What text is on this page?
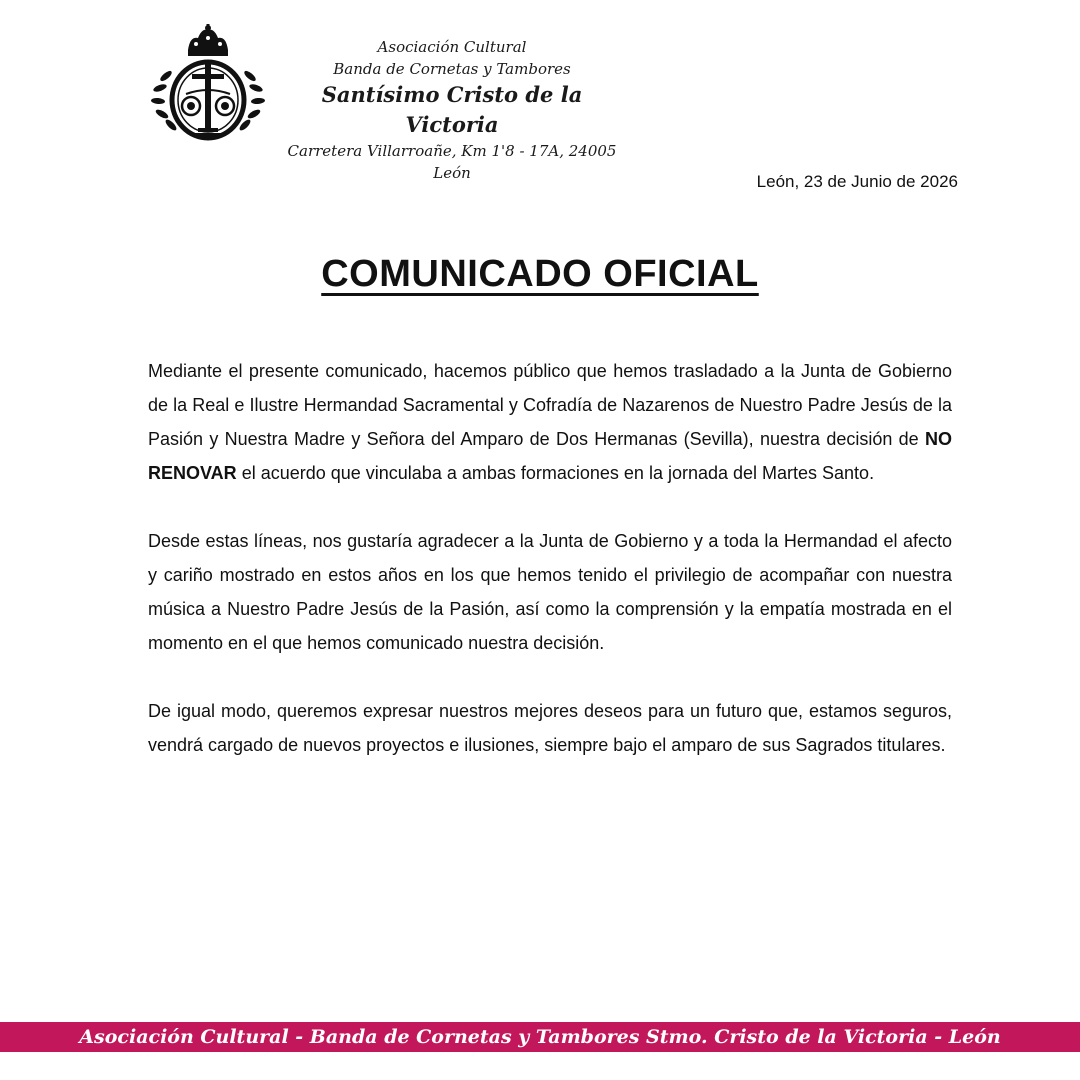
Asociación Cultural
Banda de Cornetas y Tambores
Santísimo Cristo de la Victoria
Carretera Villarroañe, Km 1'8 - 17A, 24005 León	León, 23 de Junio de 2026
COMUNICADO OFICIAL

Mediante el presente comunicado, hacemos público que hemos trasladado a la Junta de Gobierno de la Real e Ilustre Hermandad Sacramental y Cofradía de Nazarenos de Nuestro Padre Jesús de la Pasión y Nuestra Madre y Señora del Amparo de Dos Hermanas (Sevilla), nuestra decisión de NO RENOVAR el acuerdo que vinculaba a ambas formaciones en la jornada del Martes Santo.

Desde estas líneas, nos gustaría agradecer a la Junta de Gobierno y a toda la Hermandad el afecto y cariño mostrado en estos años en los que hemos tenido el privilegio de acompañar con nuestra música a Nuestro Padre Jesús de la Pasión, así como la comprensión y la empatía mostrada en el momento en el que hemos comunicado nuestra decisión.

De igual modo, queremos expresar nuestros mejores deseos para un futuro que, estamos seguros, vendrá cargado de nuevos proyectos e ilusiones, siempre bajo el amparo de sus Sagrados titulares.

Asociación Cultural - Banda de Cornetas y Tambores Stmo. Cristo de la Victoria - León
